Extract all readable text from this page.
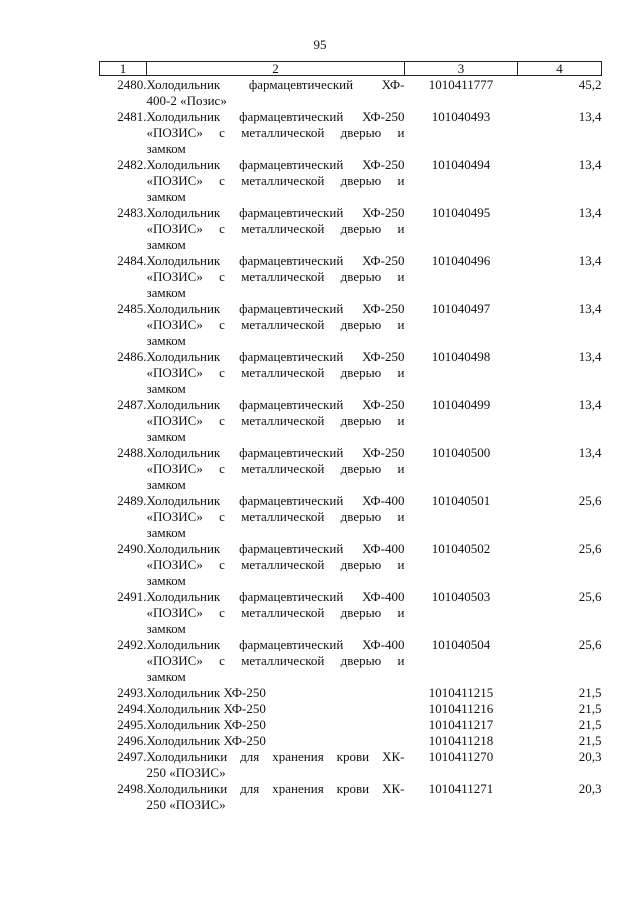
95
1	2	3	4
2480.	Холодильник фармацевтический ХФ-
400-2 «Позис»	1010411777	45,2
2481.	Холодильник фармацевтический ХФ-250
«ПОЗИС» с металлической дверью и
замком	101040493	13,4
2482.	Холодильник фармацевтический ХФ-250
«ПОЗИС» с металлической дверью и
замком	101040494	13,4
2483.	Холодильник фармацевтический ХФ-250
«ПОЗИС» с металлической дверью и
замком	101040495	13,4
2484.	Холодильник фармацевтический ХФ-250
«ПОЗИС» с металлической дверью и
замком	101040496	13,4
2485.	Холодильник фармацевтический ХФ-250
«ПОЗИС» с металлической дверью и
замком	101040497	13,4
2486.	Холодильник фармацевтический ХФ-250
«ПОЗИС» с металлической дверью и
замком	101040498	13,4
2487.	Холодильник фармацевтический ХФ-250
«ПОЗИС» с металлической дверью и
замком	101040499	13,4
2488.	Холодильник фармацевтический ХФ-250
«ПОЗИС» с металлической дверью и
замком	101040500	13,4
2489.	Холодильник фармацевтический ХФ-400
«ПОЗИС» с металлической дверью и
замком	101040501	25,6
2490.	Холодильник фармацевтический ХФ-400
«ПОЗИС» с металлической дверью и
замком	101040502	25,6
2491.	Холодильник фармацевтический ХФ-400
«ПОЗИС» с металлической дверью и
замком	101040503	25,6
2492.	Холодильник фармацевтический ХФ-400
«ПОЗИС» с металлической дверью и
замком	101040504	25,6
2493.	Холодильник ХФ-250	1010411215	21,5
2494.	Холодильник ХФ-250	1010411216	21,5
2495.	Холодильник ХФ-250	1010411217	21,5
2496.	Холодильник ХФ-250	1010411218	21,5
2497.	Холодильники для хранения крови ХК-
250 «ПОЗИС»	1010411270	20,3
2498.	Холодильники для хранения крови ХК-
250 «ПОЗИС»	1010411271	20,3
